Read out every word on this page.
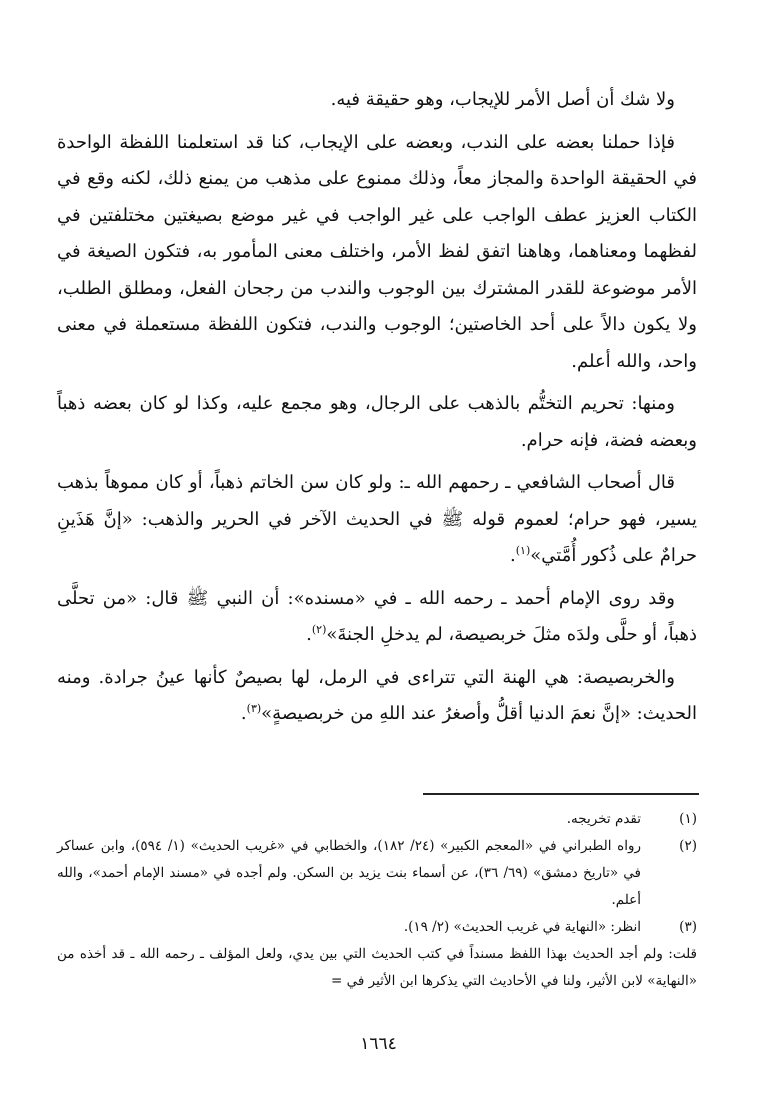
ولا شك أن أصل الأمر للإيجاب، وهو حقيقة فيه.

فإذا حملنا بعضه على الندب، وبعضه على الإيجاب، كنا قد استعلمنا اللفظة الواحدة في الحقيقة الواحدة والمجاز معاً، وذلك ممنوع على مذهب من يمنع ذلك، لكنه وقع في الكتاب العزيز عطف الواجب على غير الواجب في غير موضع بصيغتين مختلفتين في لفظهما ومعناهما، وهاهنا اتفق لفظ الأمر، واختلف معنى المأمور به، فتكون الصيغة في الأمر موضوعة للقدر المشترك بين الوجوب والندب من رجحان الفعل، ومطلق الطلب، ولا يكون دالاً على أحد الخاصتين؛ الوجوب والندب، فتكون اللفظة مستعملة في معنى واحد، والله أعلم.

ومنها: تحريم التختُّم بالذهب على الرجال، وهو مجمع عليه، وكذا لو كان بعضه ذهباً وبعضه فضة، فإنه حرام.

قال أصحاب الشافعي ـ رحمهم الله ـ: ولو كان سن الخاتم ذهباً، أو كان مموهاً بذهب يسير، فهو حرام؛ لعموم قوله ﷺ في الحديث الآخر في الحرير والذهب: «إنَّ هَذَينِ حرامٌ على ذُكور أُمَّتي»$^{(١)}$.

وقد روى الإمام أحمد ـ رحمه الله ـ في «مسنده»: أن النبي ﷺ قال: «من تحلَّى ذهباً، أو حلَّى ولدَه مثلَ خربصيصة، لم يدخلِ الجنةَ»$^{(٢)}$.

والخربصيصة: هي الهنة التي تتراءى في الرمل، لها بصيصٌ كأنها عينُ جرادة. ومنه الحديث: «إنَّ نعمَ الدنيا أقلُّ وأصغرُ عند اللهِ من خربصيصةٍ»$^{(٣)}$.

(١)
تقدم تخريجه.
(٢)
رواه الطبراني في «المعجم الكبير» (٢٤/ ١٨٢)، والخطابي في «غريب الحديث» (١/ ٥٩٤)، وابن عساكر في «تاريخ دمشق» (٦٩/ ٣٦)، عن أسماء بنت يزيد بن السكن. ولم أجده في «مسند الإمام أحمد»، والله أعلم.
(٣)
انظر: «النهاية في غريب الحديث» (٢/ ١٩).

قلت: ولم أجد الحديث بهذا اللفظ مسنداً في كتب الحديث التي بين يدي، ولعل المؤلف ـ رحمه الله ـ قد أخذه من «النهاية» لابن الأثير، ولنا في الأحاديث التي يذكرها ابن الأثير في =

١٦٦٤
